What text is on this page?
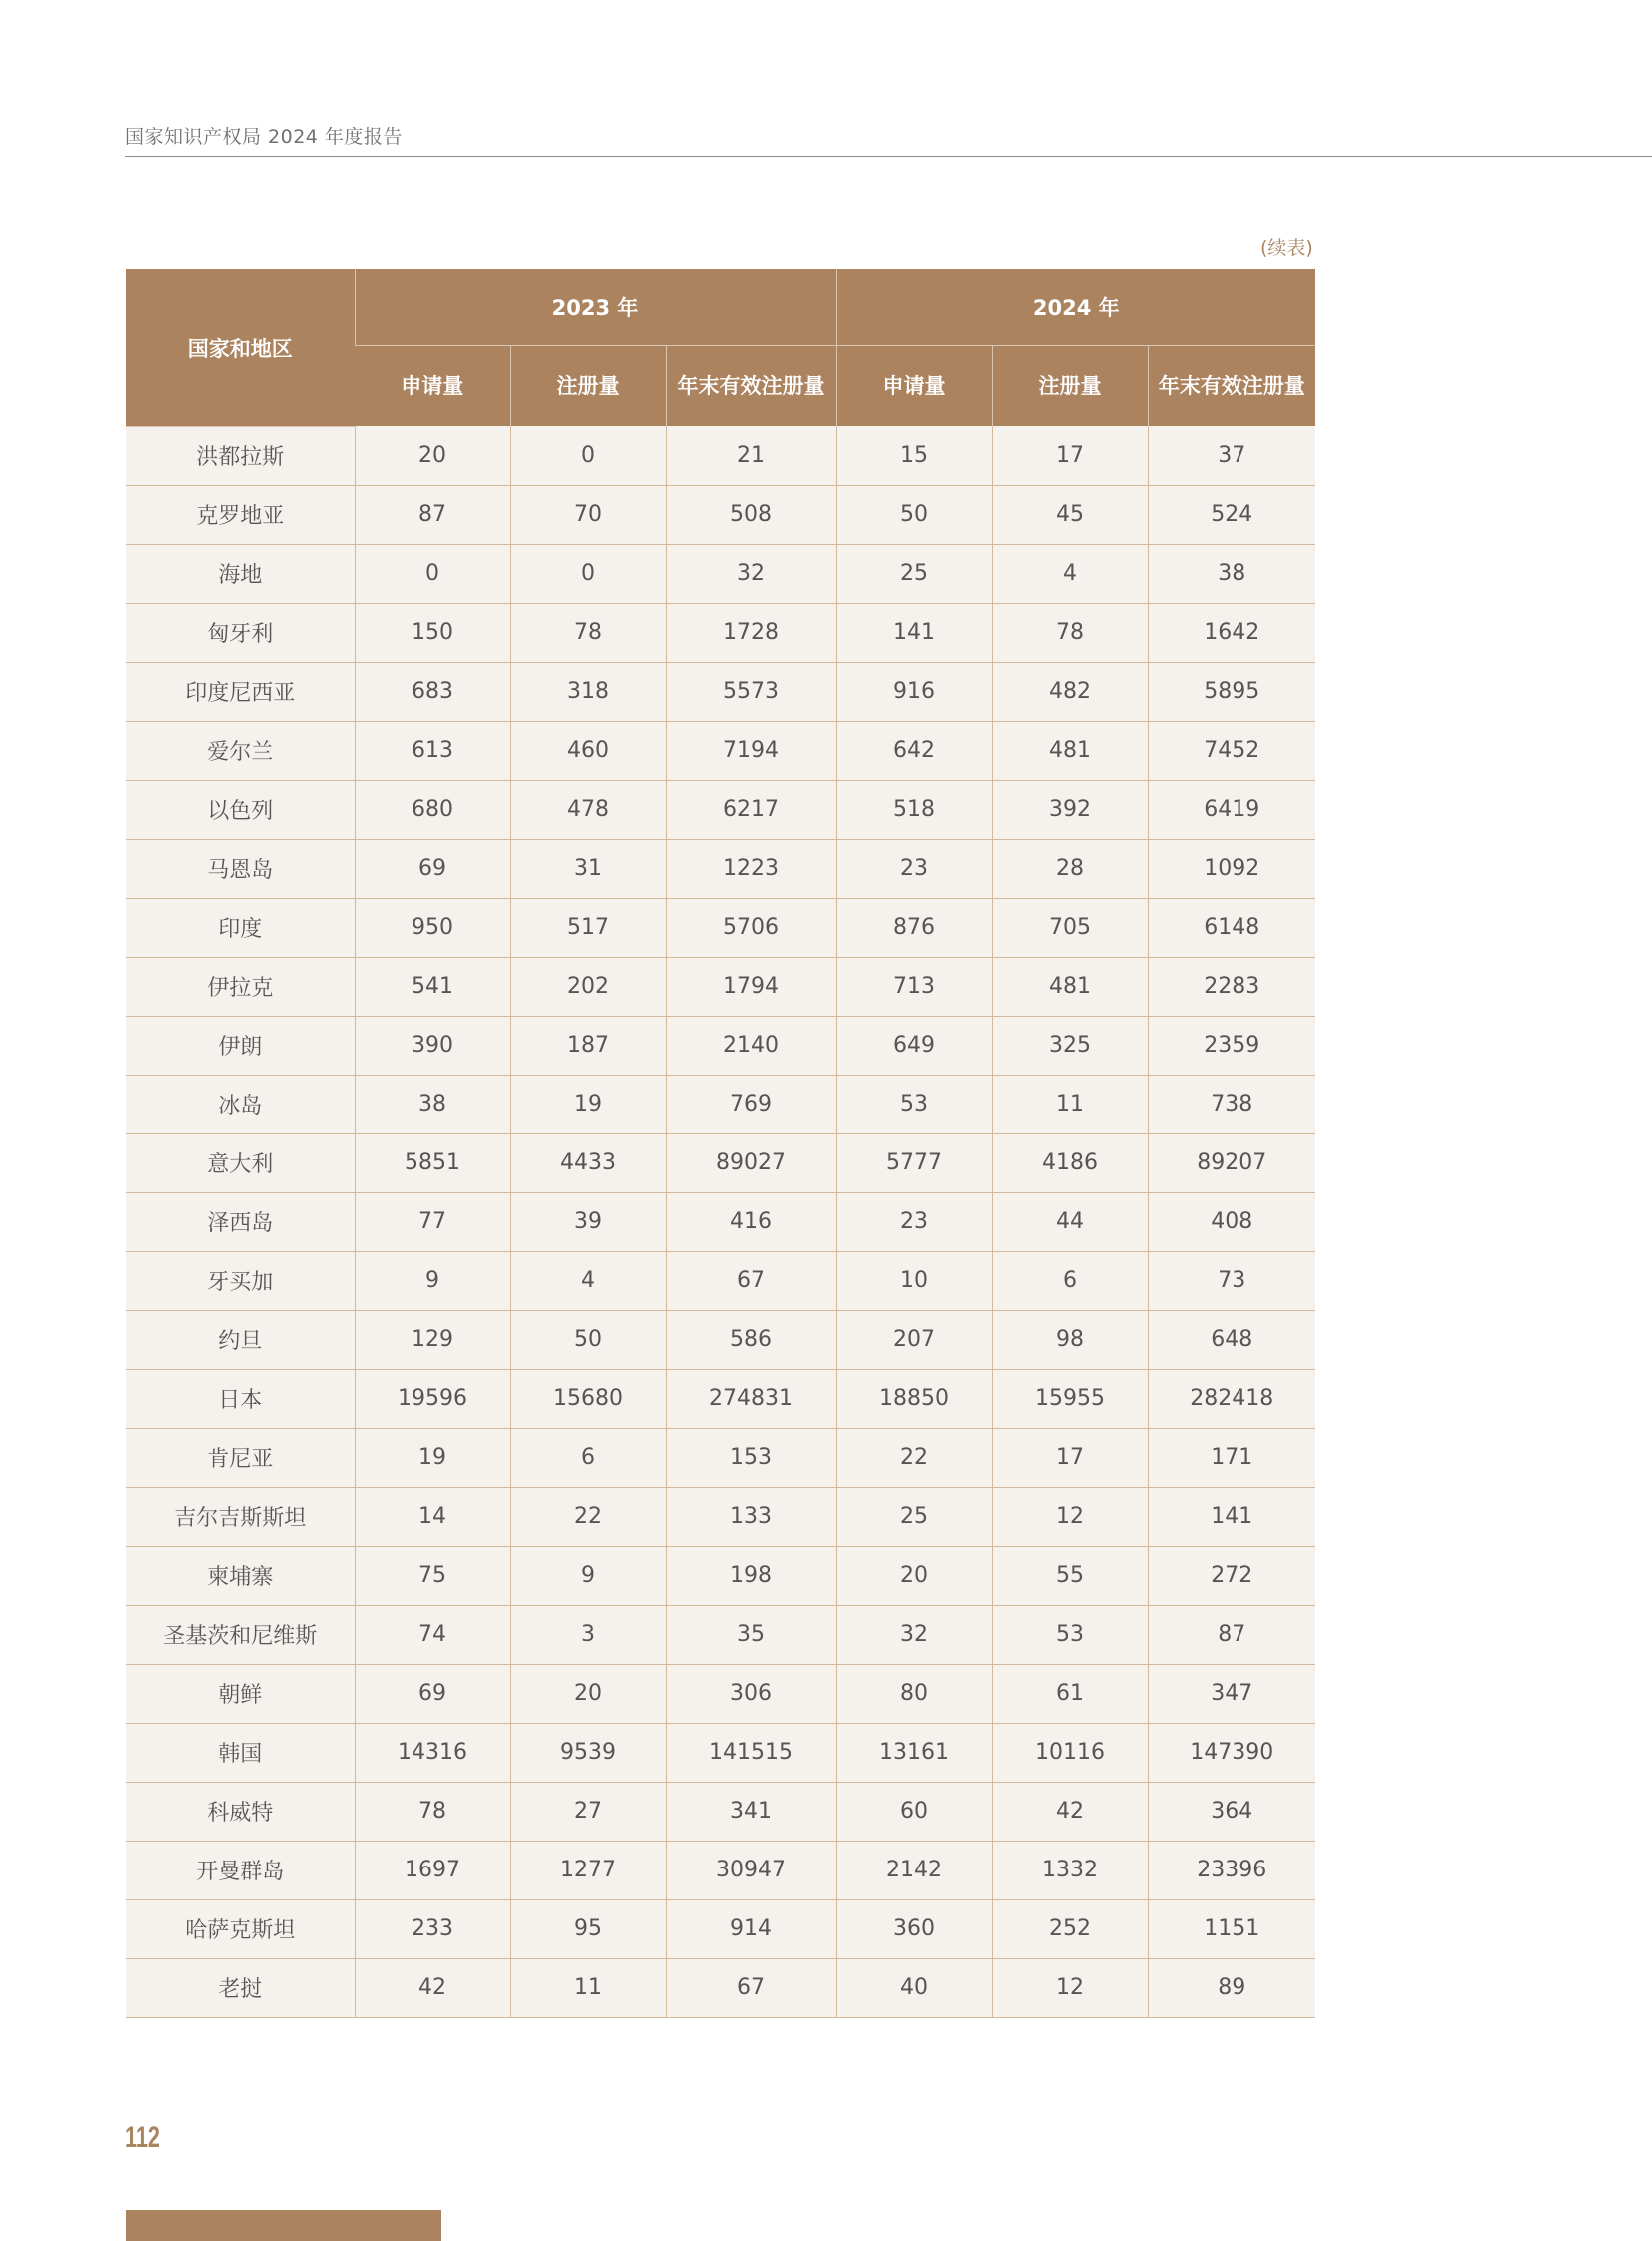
国家知识产权局 2024 年度报告
(续表)
国家和地区	2023 年			2024 年		
	申请量	注册量	年末有效注册量	申请量	注册量	年末有效注册量
洪都拉斯	20	0	21	15	17	37
克罗地亚	87	70	508	50	45	524
海地	0	0	32	25	4	38
匈牙利	150	78	1728	141	78	1642
印度尼西亚	683	318	5573	916	482	5895
爱尔兰	613	460	7194	642	481	7452
以色列	680	478	6217	518	392	6419
马恩岛	69	31	1223	23	28	1092
印度	950	517	5706	876	705	6148
伊拉克	541	202	1794	713	481	2283
伊朗	390	187	2140	649	325	2359
冰岛	38	19	769	53	11	738
意大利	5851	4433	89027	5777	4186	89207
泽西岛	77	39	416	23	44	408
牙买加	9	4	67	10	6	73
约旦	129	50	586	207	98	648
日本	19596	15680	274831	18850	15955	282418
肯尼亚	19	6	153	22	17	171
吉尔吉斯斯坦	14	22	133	25	12	141
柬埔寨	75	9	198	20	55	272
圣基茨和尼维斯	74	3	35	32	53	87
朝鲜	69	20	306	80	61	347
韩国	14316	9539	141515	13161	10116	147390
科威特	78	27	341	60	42	364
开曼群岛	1697	1277	30947	2142	1332	23396
哈萨克斯坦	233	95	914	360	252	1151
老挝	42	11	67	40	12	89
112
